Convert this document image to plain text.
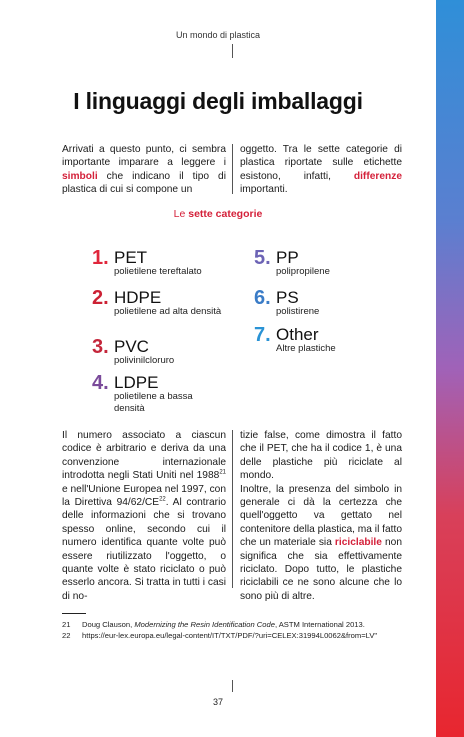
Un mondo di plastica
I linguaggi degli imballaggi
Arrivati a questo punto, ci sembra importante imparare a leggere i simboli che indicano il tipo di plastica di cui si compone un
oggetto. Tra le sette categorie di plastica riportate sulle etichette esistono, infatti, differenze importanti.
Le sette categorie
1. PET
polietilene tereftalato
2. HDPE
polietilene ad alta densità
3. PVC
polivinilcloruro
4. LDPE
polietilene a bassa densità
5. PP
polipropilene
6. PS
polistirene
7. Other
Altre plastiche
Il numero associato a ciascun codice è arbitrario e deriva da una convenzione internazionale introdotta negli Stati Uniti nel 1988$^{21}$ e nell'Unione Europea nel 1997, con la Direttiva 94/62/CE$^{22}$. Al contrario delle informazioni che si trovano spesso online, secondo cui il numero identifica quante volte può essere riutilizzato l'oggetto, o quante volte è stato riciclato o può esserlo ancora. Si tratta in tutti i casi di no-
tizie false, come dimostra il fatto che il PET, che ha il codice 1, è una delle plastiche più riciclate al mondo.
Inoltre, la presenza del simbolo in generale ci dà la certezza che quell'oggetto va gettato nel contenitore della plastica, ma il fatto che un materiale sia riciclabile non significa che sia effettivamente riciclato. Dopo tutto, le plastiche riciclabili ce ne sono alcune che lo sono più di altre.
21 Doug Clauson, Modernizing the Resin Identification Code, ASTM International 2013.
22 https://eur-lex.europa.eu/legal-content/IT/TXT/PDF/?uri=CELEX:31994L0062&from=LV"
37
